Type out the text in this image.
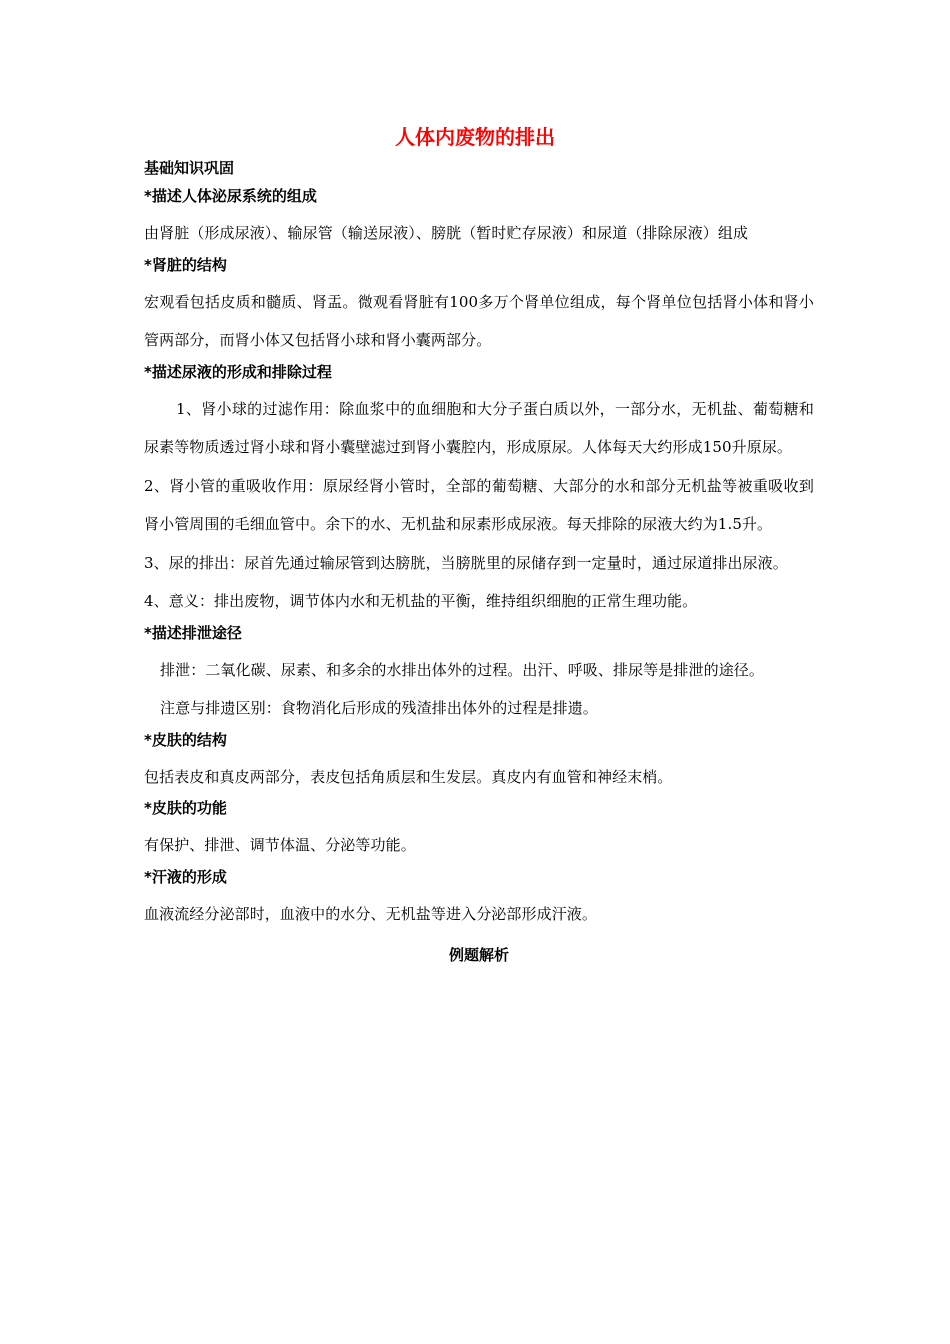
人体内废物的排出
基础知识巩固
*描述人体泌尿系统的组成

由肾脏（形成尿液）、输尿管（输送尿液）、膀胱（暂时贮存尿液）和尿道（排除尿液）组成

*肾脏的结构

宏观看包括皮质和髓质、肾盂。微观看肾脏有100多万个肾单位组成，每个肾单位包括肾小体和肾小管两部分，而肾小体又包括肾小球和肾小囊两部分。

*描述尿液的形成和排除过程

1、肾小球的过滤作用：除血浆中的血细胞和大分子蛋白质以外，一部分水，无机盐、葡萄糖和尿素等物质透过肾小球和肾小囊壁滤过到肾小囊腔内，形成原尿。人体每天大约形成150升原尿。

2、肾小管的重吸收作用：原尿经肾小管时，全部的葡萄糖、大部分的水和部分无机盐等被重吸收到肾小管周围的毛细血管中。余下的水、无机盐和尿素形成尿液。每天排除的尿液大约为1.5升。

3、尿的排出：尿首先通过输尿管到达膀胱，当膀胱里的尿储存到一定量时，通过尿道排出尿液。

4、意义：排出废物，调节体内水和无机盐的平衡，维持组织细胞的正常生理功能。

*描述排泄途径

排泄：二氧化碳、尿素、和多余的水排出体外的过程。出汗、呼吸、排尿等是排泄的途径。

注意与排遗区别：食物消化后形成的残渣排出体外的过程是排遗。

*皮肤的结构

包括表皮和真皮两部分，表皮包括角质层和生发层。真皮内有血管和神经末梢。

*皮肤的功能

有保护、排泄、调节体温、分泌等功能。

*汗液的形成

血液流经分泌部时，血液中的水分、无机盐等进入分泌部形成汗液。

例题解析
